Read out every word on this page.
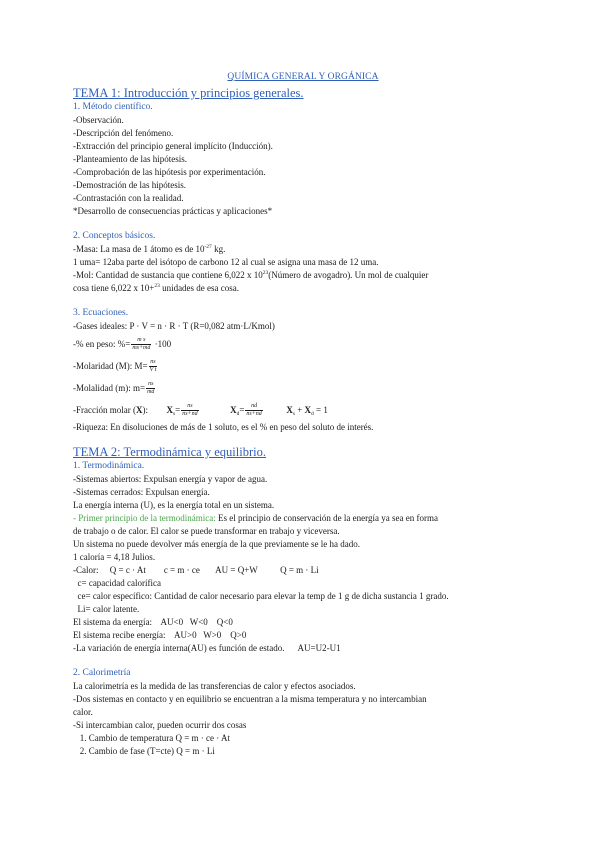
QUÍMICA GENERAL Y ORGÁNICA
TEMA 1: Introducción y principios generales.
1. Método científico.
-Observación.
-Descripción del fenómeno.
-Extracción del principio general implícito (Inducción).
-Planteamiento de las hipótesis.
-Comprobación de las hipótesis por experimentación.
-Demostración de las hipótesis.
-Contrastación con la realidad.
*Desarrollo de consecuencias prácticas y aplicaciones*
2. Conceptos básicos.
-Masa: La masa de 1 átomo es de $10^{-27}$ kg.
1 uma= 12aba parte del isótopo de carbono 12 al cual se asigna una masa de 12 uma.
-Mol: Cantidad de sustancia que contiene 6,022 x $10^{23}(Número$ de avogadro). Un mol de cualquier
cosa tiene 6,022 x 10+$^{23}$ unidades de esa cosa.
3. Ecuaciones.
-Gases ideales: P · V = n · R · T (R=0,082 atm·L/Kmol)
-% en peso: %= $\frac{\text{m s}}{ms+md} \cdot 100$
-Molaridad (M): $M= \frac{ns}{\text{V t}}$
-Molalidad (m): $m= \frac{ns}{md}$
-Fracción molar (X): $X_s= \frac{ns}{ns+nd}$	$X_d= \frac{nd}{ns+nd}$	$X_s + X_d = 1$
-Riqueza: En disoluciones de más de 1 soluto, es el % en peso del soluto de interés.
TEMA 2: Termodinámica y equilibrio.
1. Termodinámica.
-Sistemas abiertos: Expulsan energía y vapor de agua.
-Sistemas cerrados: Expulsan energía.
La energía interna (U), es la energía total en un sistema.
- Primer principio de la termodinámica: Es el principio de conservación de la energía ya sea en forma
de trabajo o de calor. El calor se puede transformar en trabajo y viceversa.
Un sistema no puede devolver más energía de la que previamente se le ha dado.
1 caloría = 4,18 Julios.
-Calor:     Q = c · At        c = m · ce       AU = Q+W          Q = m · Li
c= capacidad calorífica
ce= calor específico: Cantidad de calor necesario para elevar la temp de 1 g de dicha sustancia 1 grado.
Li= calor latente.
El sistema da energía:    AU<0   W<0    Q<0
El sistema recibe energía:    AU>0   W>0    Q>0
-La variación de energía interna(AU) es función de estado.      AU=U2-U1
2. Calorimetría
La calorimetría es la medida de las transferencias de calor y efectos asociados.
-Dos sistemas en contacto y en equilibrio se encuentran a la misma temperatura y no intercambian
calor.
-Si intercambian calor, pueden ocurrir dos cosas
1. Cambio de temperatura Q = m · ce · At
2. Cambio de fase (T=cte) Q = m · Li
